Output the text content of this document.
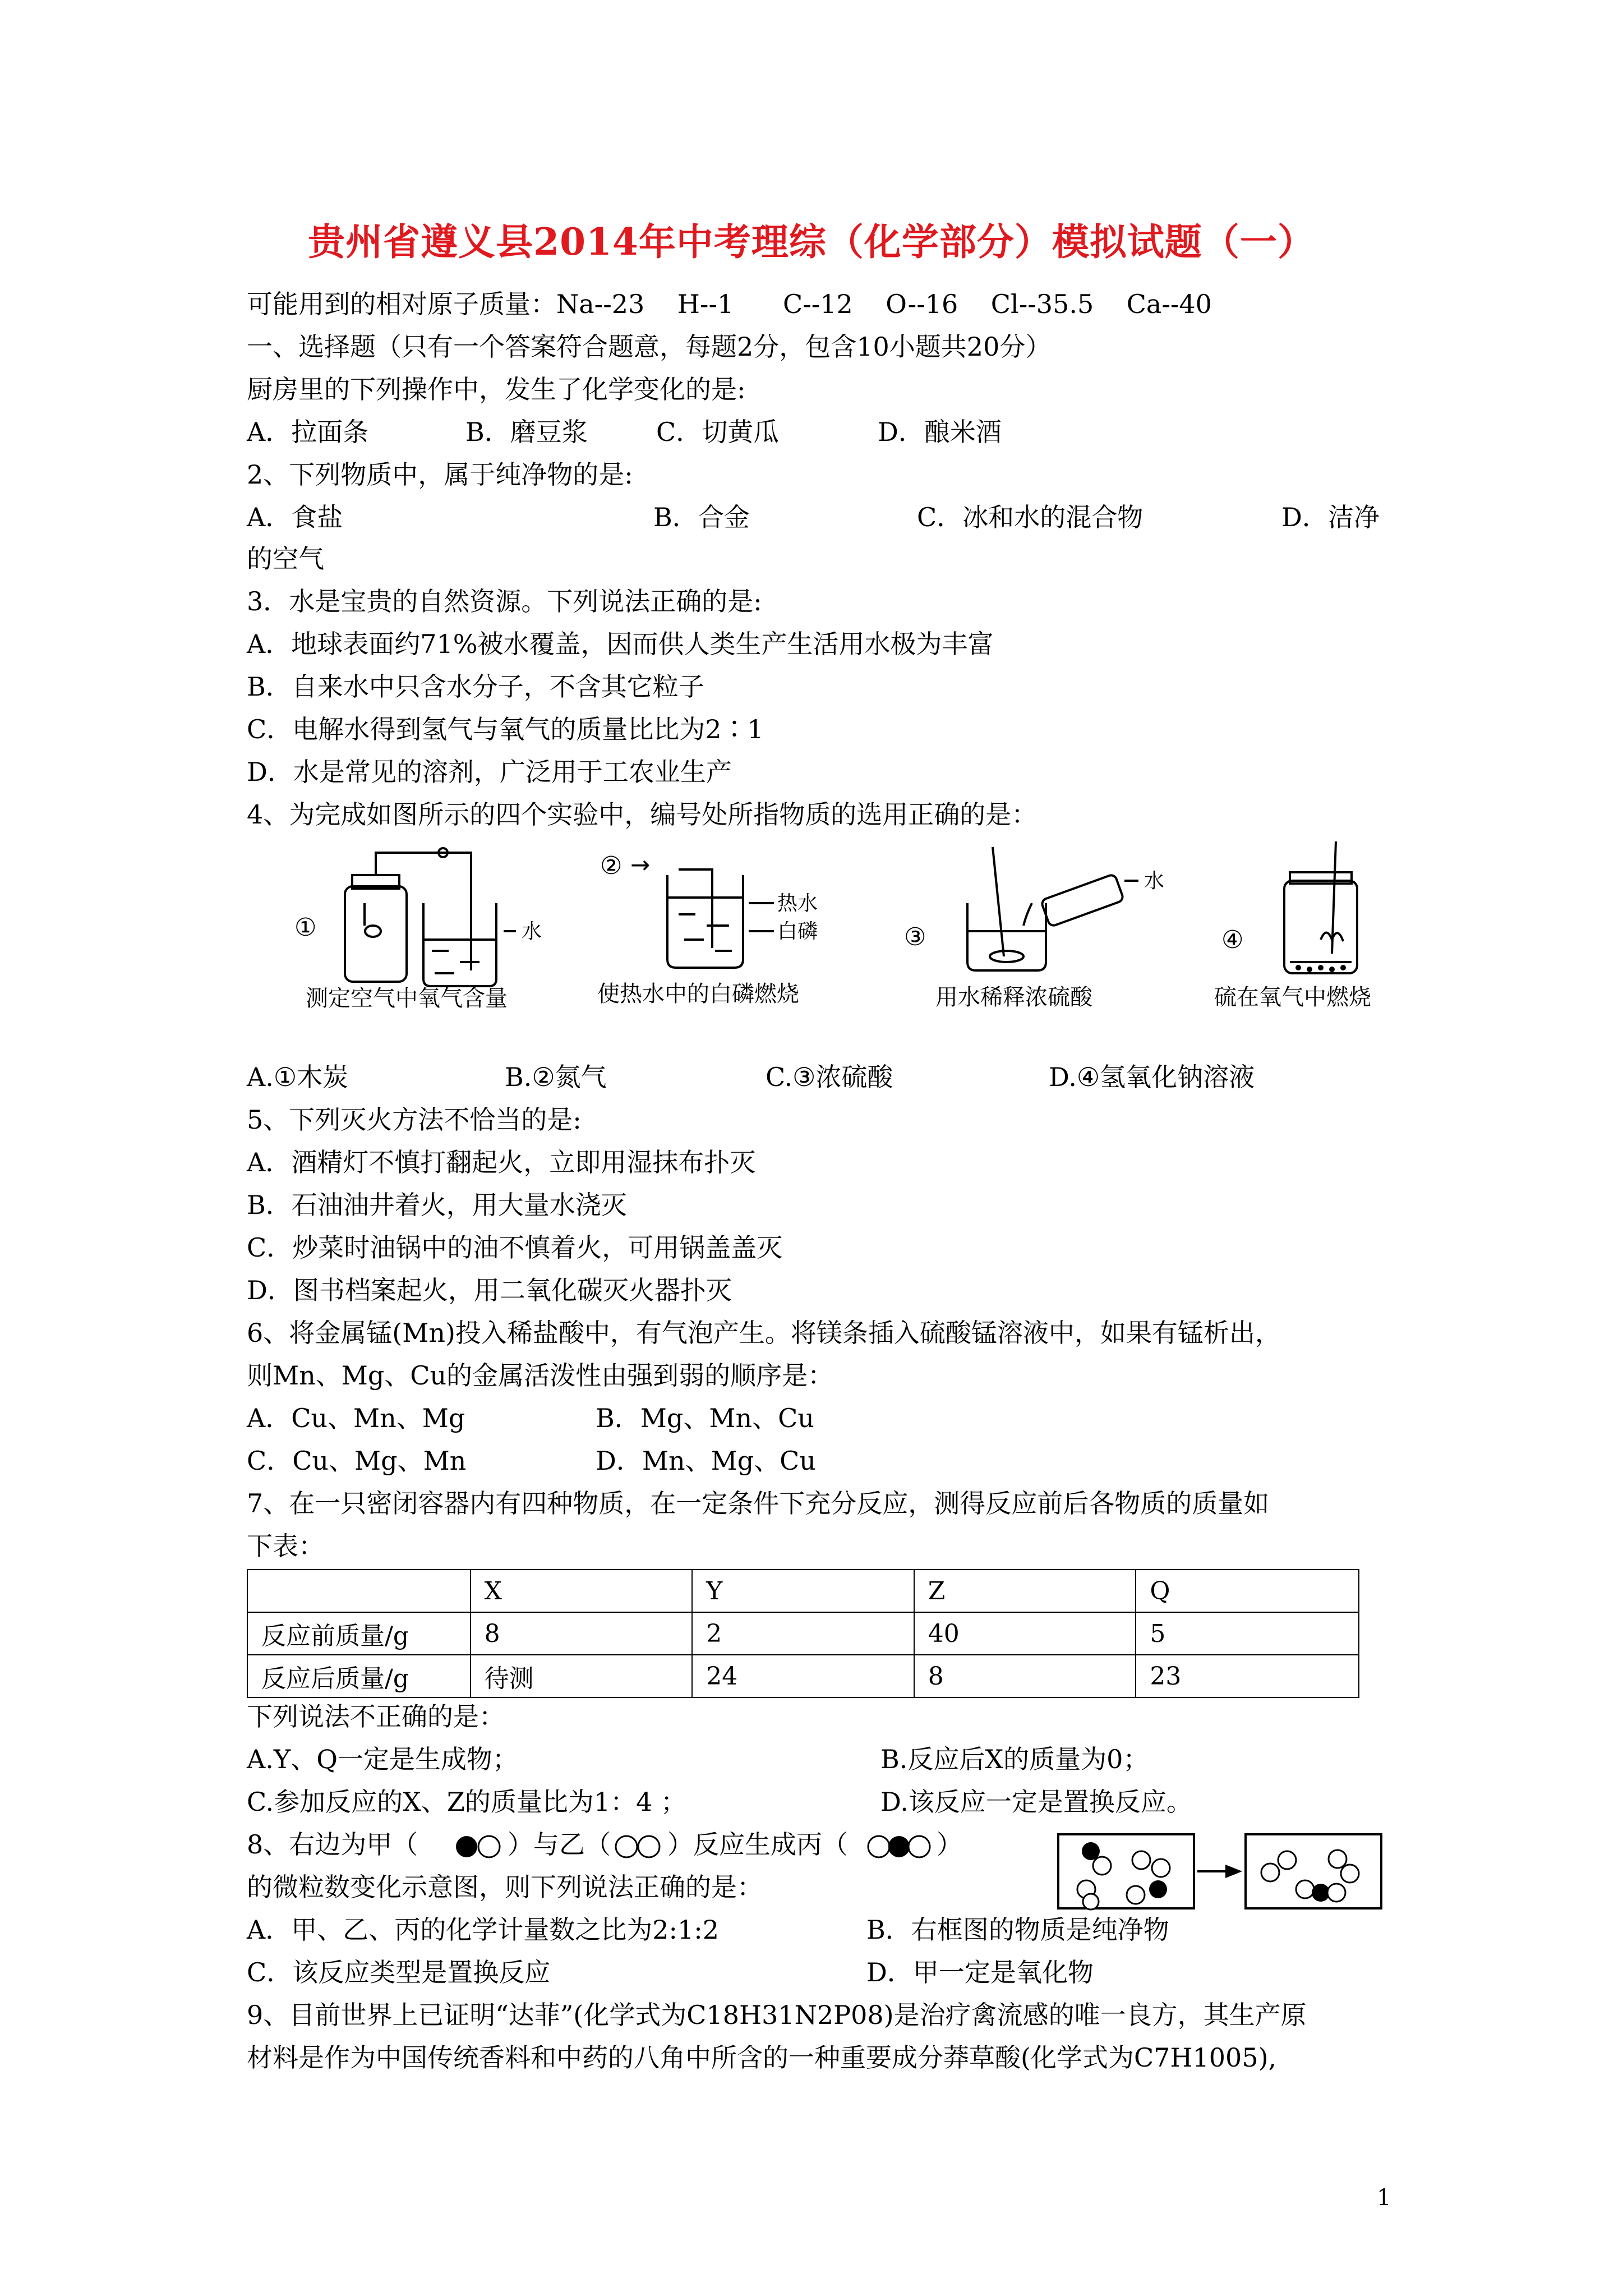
贵州省遵义县2014年中考理综（化学部分）模拟试题（一）
可能用到的相对原子质量：Na--23    H--1      C--12    O--16    Cl--35.5    Ca--40
一、选择题（只有一个答案符合题意，每题2分，包含10小题共20分）
厨房里的下列操作中，发生了化学变化的是:
A．拉面条	B．磨豆浆	C．切黄瓜	D．酿米酒
2、下列物质中，属于纯净物的是:
A．食盐	B．合金	C．冰和水的混合物	D．洁净
的空气
3．水是宝贵的自然资源。下列说法正确的是:
A．地球表面约71%被水覆盖，因而供人类生产生活用水极为丰富
B．自来水中只含水分子，不含其它粒子
C．电解水得到氢气与氧气的质量比比为2∶1
D．水是常见的溶剂，广泛用于工农业生产
4、为完成如图所示的四个实验中，编号处所指物质的选用正确的是：
①	水
测定空气中氧气含量
② →
热水
白磷
使热水中的白磷燃烧
③
水
用水稀释浓硫酸
④
硫在氧气中燃烧
A.①木炭	B.②氮气	C.③浓硫酸	D.④氢氧化钠溶液
5、下列灭火方法不恰当的是:
A．酒精灯不慎打翻起火，立即用湿抹布扑灭
B．石油油井着火，用大量水浇灭
C．炒菜时油锅中的油不慎着火，可用锅盖盖灭
D．图书档案起火，用二氧化碳灭火器扑灭
6、将金属锰(Mn)投入稀盐酸中，有气泡产生。将镁条插入硫酸锰溶液中，如果有锰析出，
则Mn、Mg、Cu的金属活泼性由强到弱的顺序是：
A．Cu、Mn、Mg	B．Mg、Mn、Cu
C．Cu、Mg、Mn	D．Mn、Mg、Cu
7、在一只密闭容器内有四种物质，在一定条件下充分反应，测得反应前后各物质的质量如
下表：
	X	Y	Z	Q
反应前质量/g	8	2	40	5
反应后质量/g	待测	24	8	23
下列说法不正确的是：
A.Y、Q一定是生成物；	B.反应后X的质量为0；
C.参加反应的X、Z的质量比为1：4 ；	D.该反应一定是置换反应。
8、右边为甲（	）与乙（ ）反应生成丙（	）
的微粒数变化示意图，则下列说法正确的是：
A．甲、乙、丙的化学计量数之比为2:1:2	B．右框图的物质是纯净物
C．该反应类型是置换反应	D．甲一定是氧化物
9、目前世界上已证明“达菲”(化学式为C18H31N2P08)是治疗禽流感的唯一良方，其生产原
材料是作为中国传统香料和中药的八角中所含的一种重要成分莽草酸(化学式为C7H1005),
1
